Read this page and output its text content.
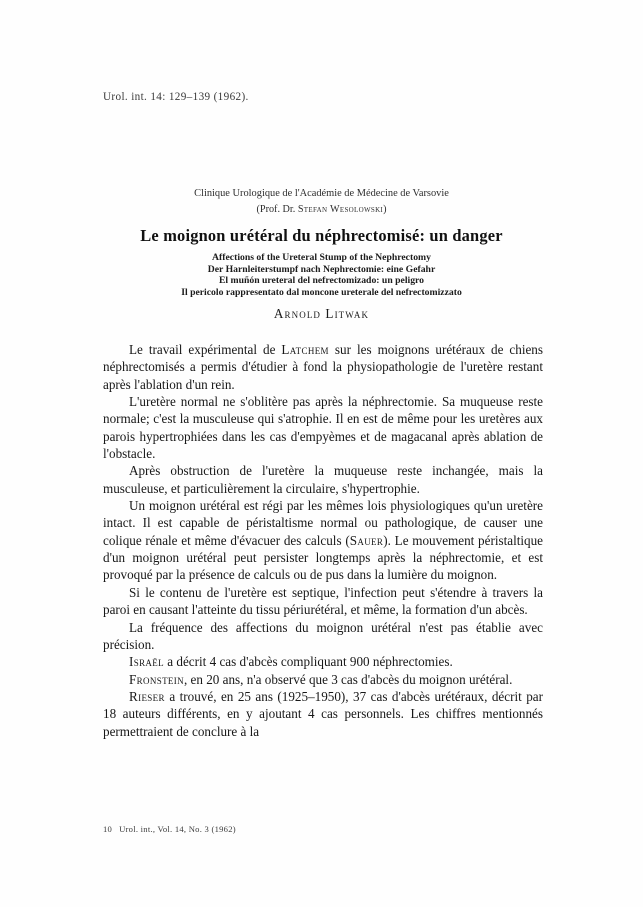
Urol. int. 14: 129–139 (1962).
Clinique Urologique de l'Académie de Médecine de Varsovie
(Prof. Dr. Stefan Wesolowski)
Le moignon urétéral du néphrectomisé: un danger
Affections of the Ureteral Stump of the Nephrectomy
Der Harnleiterstumpf nach Nephrectomie: eine Gefahr
El muñón ureteral del nefrectomizado: un peligro
Il pericolo rappresentato dal moncone ureterale del nefrectomizzato
Arnold Litwak

Le travail expérimental de Latchem sur les moignons urétéraux de chiens néphrectomisés a permis d'étudier à fond la physiopathologie de l'uretère restant après l'ablation d'un rein.

L'uretère normal ne s'oblitère pas après la néphrectomie. Sa muqueuse reste normale; c'est la musculeuse qui s'atrophie. Il en est de même pour les uretères aux parois hypertrophiées dans les cas d'empyèmes et de magacanal après ablation de l'obstacle.

Après obstruction de l'uretère la muqueuse reste inchangée, mais la musculeuse, et particulièrement la circulaire, s'hypertrophie.

Un moignon urétéral est régi par les mêmes lois physiologiques qu'un uretère intact. Il est capable de péristaltisme normal ou pathologique, de causer une colique rénale et même d'évacuer des calculs (Sauer). Le mouvement péristaltique d'un moignon urétéral peut persister longtemps après la néphrectomie, et est provoqué par la présence de calculs ou de pus dans la lumière du moignon.

Si le contenu de l'uretère est septique, l'infection peut s'étendre à travers la paroi en causant l'atteinte du tissu périurétéral, et même, la formation d'un abcès.

La fréquence des affections du moignon urétéral n'est pas établie avec précision.

Israël a décrit 4 cas d'abcès compliquant 900 néphrectomies.

Fronstein, en 20 ans, n'a observé que 3 cas d'abcès du moignon urétéral.

Rieser a trouvé, en 25 ans (1925–1950), 37 cas d'abcès urétéraux, décrit par 18 auteurs différents, en y ajoutant 4 cas personnels. Les chiffres mentionnés permettraient de conclure à la

10 Urol. int., Vol. 14, No. 3 (1962)
